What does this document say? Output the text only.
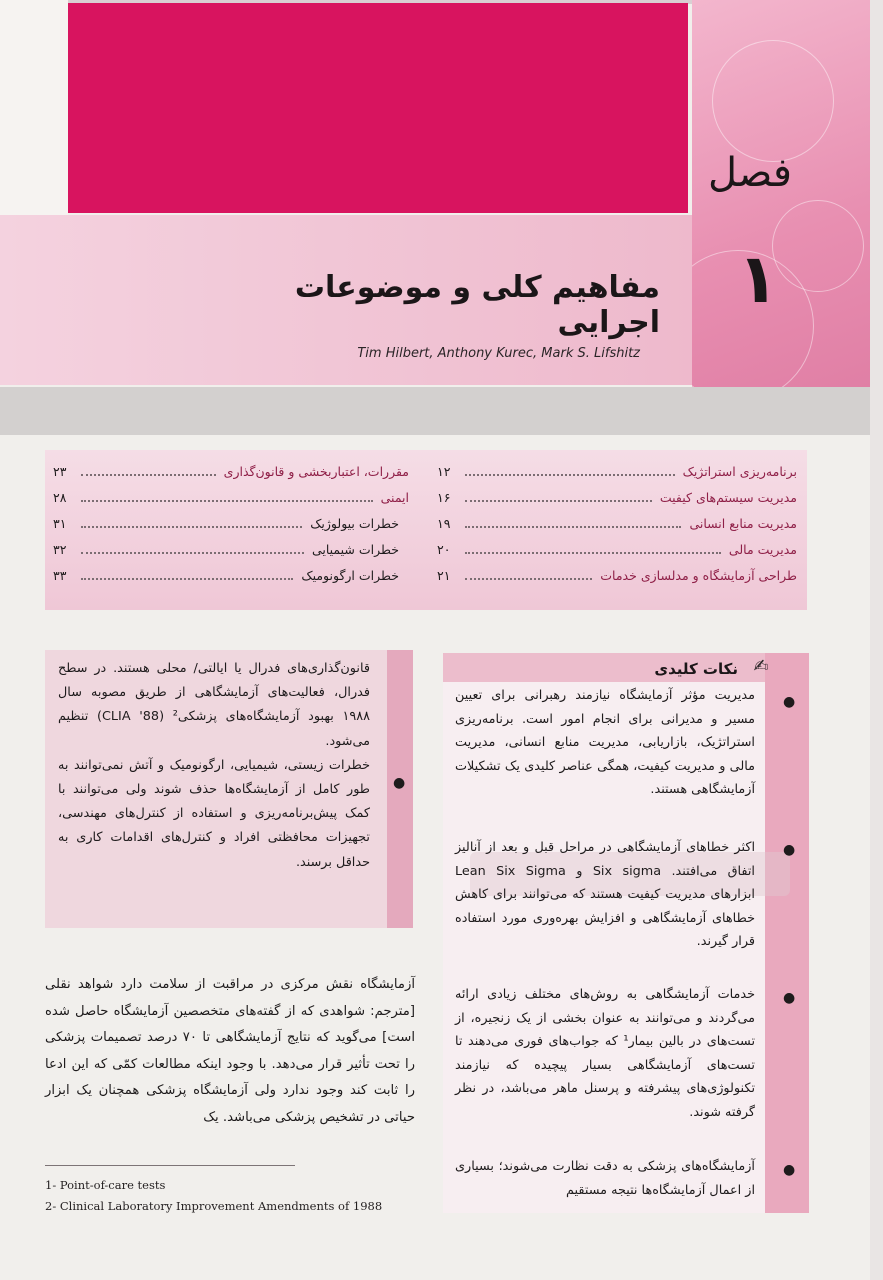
فصل
۱
مفاهیم کلی و موضوعات اجرایی
Tim Hilbert, Anthony Kurec, Mark S. Lifshitz
برنامه‌ریزی استراتژیک
۱۲
مدیریت سیستم‌های کیفیت
۱۶
مدیریت منابع انسانی
۱۹
مدیریت مالی
۲۰
طراحی آزمایشگاه و مدلسازی خدمات
۲۱
مقررات، اعتباربخشی و قانون‌گذاری
۲۳
ایمنی
۲۸
خطرات بیولوژیک
۳۱
خطرات شیمیایی
۳۲
خطرات ارگونومیک
۳۳
قانون‌گذاری‌های فدرال یا ایالتی/ محلی هستند. در سطح فدرال، فعالیت‌های آزمایشگاهی از طریق مصوبه سال ۱۹۸۸ بهبود آزمایشگاه‌های پزشکی² (CLIA '88) تنظیم می‌شود.
خطرات زیستی، شیمیایی، ارگونومیک و آتش نمی‌توانند به طور کامل از آزمایشگاه‌ها حذف شوند ولی می‌توانند با کمک پیش‌برنامه‌ریزی و استفاده از کنترل‌های مهندسی، تجهیزات محافظتی افراد و کنترل‌های اقدامات کاری به حداقل برسند.
●
✍
نکات کلیدی
مدیریت مؤثر آزمایشگاه نیازمند رهبرانی برای تعیین مسیر و مدیرانی برای انجام امور است. برنامه‌ریزی استراتژیک، بازاریابی، مدیریت منابع انسانی، مدیریت مالی و مدیریت کیفیت، همگی عناصر کلیدی یک تشکیلات آزمایشگاهی هستند.
●
اکثر خطاهای آزمایشگاهی در مراحل قبل و بعد از آنالیز اتفاق می‌افتند. Six sigma و Lean Six Sigma ابزارهای مدیریت کیفیت هستند که می‌توانند برای کاهش خطاهای آزمایشگاهی و افزایش بهره‌وری مورد استفاده قرار گیرند.
●
خدمات آزمایشگاهی به روش‌های مختلف زیادی ارائه می‌گردند و می‌توانند به عنوان بخشی از یک زنجیره، از تست‌های در بالین بیمار¹ که جواب‌های فوری می‌دهند تا تست‌های آزمایشگاهی بسیار پیچیده که نیازمند تکنولوژی‌های پیشرفته و پرسنل ماهر می‌باشد، در نظر گرفته شوند.
●
آزمایشگاه‌های پزشکی به دقت نظارت می‌شوند؛ بسیاری از اعمال آزمایشگاه‌ها نتیجه مستقیم
●
آزمایشگاه نقش مرکزی در مراقبت از سلامت دارد شواهد نقلی [مترجم: شواهدی که از گفته‌های متخصصین آزمایشگاه حاصل شده است] می‌گوید که نتایج آزمایشگاهی تا ۷۰ درصد تصمیمات پزشکی را تحت تأثیر قرار می‌دهد. با وجود اینکه مطالعات کمّی که این ادعا را ثابت کند وجود ندارد ولی آزمایشگاه پزشکی همچنان یک ابزار حیاتی در تشخیص پزشکی می‌باشد. یک
1- Point-of-care tests
2- Clinical Laboratory Improvement Amendments of 1988
